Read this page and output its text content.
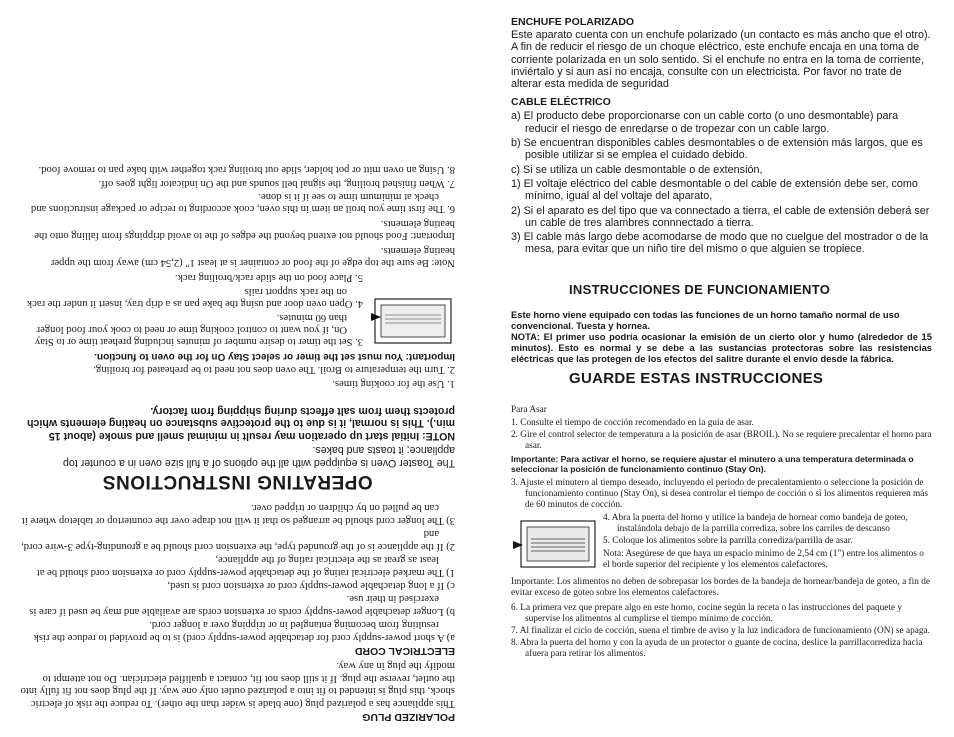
POLARIZED PLUG

This appliance has a polarized plug (one blade is wider than the other). To reduce the risk of electric shock, this plug is intended to fit into a polarized outlet only one way. If the plug does not fit fully into the outlet, reverse the plug. If it still does not fit, contact a qualified electrician. Do not attempt to modify the plug in any way.

ELECTRICAL CORD
a) A short power-supply cord for detachable power-supply cord) is to be provided to reduce the risk resulting from becoming entangled in or tripping over a longer cord.
b) Longer detachable power-supply cords or extension cords are available and may be used if care is exercised in their use.
c) If a long detachable power-supply cord or extension cord is used,
1) The marked electrical rating of the detachable power-supply cord or extension cord should be at least as great as the electrical rating of the appliance,
2) If the appliance is of the grounded type, the extension cord should be a grounding-type 3-wire cord, and
3) The longer cord should be arranged so that it will not drape over the countertop or tabletop where it can be pulled on by children or tripped over.
OPERATING INSTRUCTIONS

The Toaster Oven is equipped with all the options of a full size oven in a counter top appliance; it toasts and bakes.

NOTE: Initial start up operation may result in minimal smell and smoke (about 15 min.). This is normal, it is due to the protective substance on heating elements which protects them from salt effects during shipping from factory.

1. Use the for cooking times.
2. Turn the temperature to Broil. The oven does not need to be preheated for broiling.

Important: You must set the timer or select Stay On for the oven to function.

3. Set the timer to desire number of minutes including preheat time or to Stay On, if you want to control cooking time or need to cook your food longer than 60 minutes.
4. Open oven door and using the bake pan as a drip tray, insert it under the rack on the rack support rails
5. Place food on the slide rack/broiling rack.

Note: Be sure the top edge of the food or container is at least 1" (2,54 cm) away from the upper heating elements.

Important: Food should not extend beyond the edges of the to avoid drippings from falling onto the heating elements.

6. The first time you broil an item in this oven, cook according to recipe or package instructions and check at minimum time to see if it is done.
7. When finished broiling, the signal bell sounds and the On indicator light goes off.
8. Using an oven mitt or pot holder, slide out broiling rack together with bake pan to remove food.
ENCHUFE POLARIZADO

Este aparato cuenta con un enchufe polarizado (un contacto es más ancho que el otro). A fin de reducir el riesgo de un choque eléctrico, este enchufe encaja en una toma de corriente polarizada en un solo sentido. Si el enchufe no entra en la toma de corriente, inviértalo y si aun así no encaja, consulte con un electricista. Por favor no trate de alterar esta medida de seguridad

CABLE ELÉCTRICO
a) El producto debe proporcionarse con un cable corto (o uno desmontable) para reducir el riesgo de enredarse o de tropezar con un cable largo.
b) Se encuentran disponibles cables desmontables o de extensión más largos, que es posible utilizar si se emplea el cuidado debido.
c) Si se utiliza un cable desmontable o de extensión,
1) El voltaje eléctrico del cable desmontable o del cable de extensión debe ser, como mínimo, igual al del voltaje del aparato,
2) Si el aparato es del tipo que va connectado a tierra, el cable de extensión deberá ser un cable de tres alambres connnectado a tierra.
3) El cable más largo debe acomodarse de modo que no cuelgue del mostrador o de la mesa, para evitar que un niño tire del mismo o que alguien se tropiece.
INSTRUCCIONES DE FUNCIONAMIENTO

Este horno viene equipado con todas las funciones de un horno tamaño normal de uso convencional. Tuesta y hornea.

NOTA: El primer uso podría ocasionar la emisión de un cierto olor y humo (alrededor de 15 minutos). Esto es normal y se debe a las sustancias protectoras sobre las resistencias eléctricas que las protegen de los efectos del salitre durante el envío desde la fábrica.

GUARDE ESTAS INSTRUCCIONES
Para Asar
1. Consulte el tiempo de cocción recomendado en la guía de asar.
2. Gire el control selector de temperatura a la posición de asar (BROIL). No se requiere precalentar el horno para asar.

Importante: Para activar el horno, se requiere ajustar el minutero a una temperatura determinada o seleccionar la posición de funcionamiento continuo (Stay On).

3. Ajuste el minutero al tiempo deseado, incluyendo el período de precalentamiento o seleccione la posición de funcionamiento continuo (Stay On), si desea controlar el tiempo de cocción o si los alimentos requieren más de 60 minutos de cocción.
4. Abra la puerta del horno y utilice la bandeja de hornear como bandeja de goteo, instalándola debajo de la parrilla corrediza, sobre los carriles de descanso
5. Coloque los alimentos sobre la parrilla corrediza/parrilla de asar.

Nota: Asegúrese de que haya un espacio mínimo de 2,54 cm (1") entre los alimentos o el borde superior del recipiente y los elementos calefactores.

Importante: Los alimentos no deben de sobrepasar los bordes de la bandeja de hornear/bandeja de goteo, a fin de evitar exceso de goteo sobre los elementos calefactores.

6. La primera vez que prepare algo en este horno, cocine según la receta o las instrucciones del paquete y supervise los alimentos al cumplirse el tiempo mínimo de cocción.
7. Al finalizar el ciclo de cocción, suena el timbre de aviso y la luz indicadora de funcionamiento (ON) se apaga.
8. Abra la puerta del horno y con la ayuda de un protector o guante de cocina, deslice la parrillacorrediza hacia afuera para retirar los alimentos.
